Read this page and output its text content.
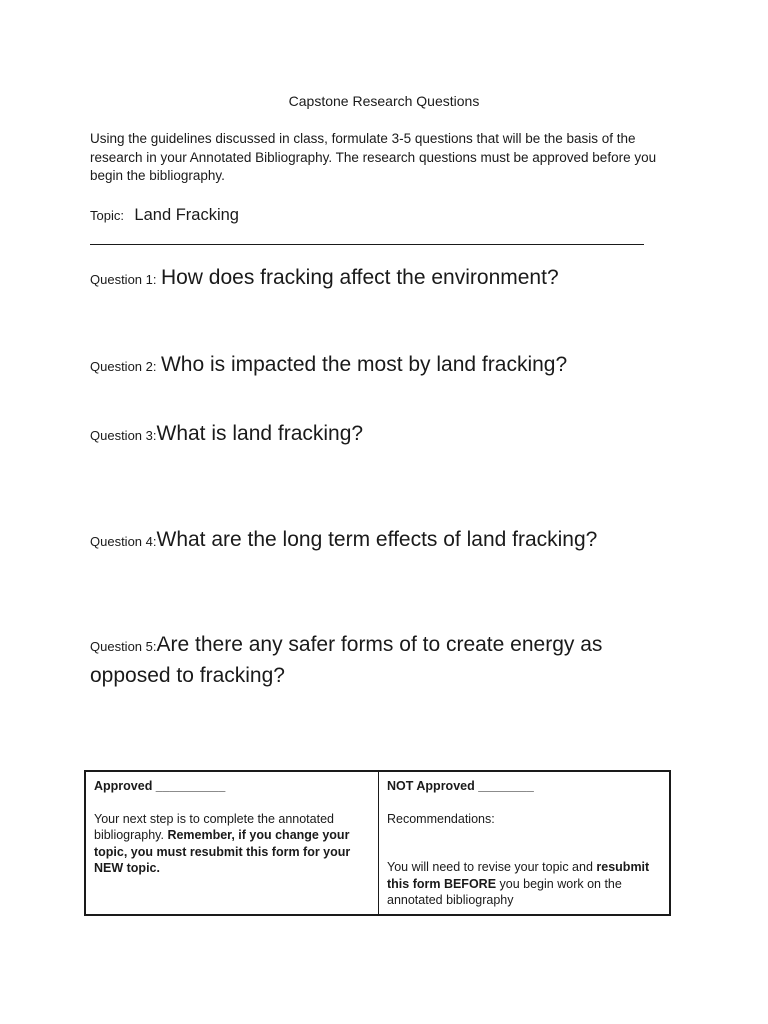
Capstone Research Questions
Using the guidelines discussed in class, formulate 3-5 questions that will be the basis of the
research in your Annotated Bibliography. The research questions must be approved before you
begin the bibliography.
Topic: Land Fracking
Question 1: How does fracking affect the environment?
Question 2: Who is impacted the most by land fracking?
Question 3:What is land fracking?
Question 4:What are the long term effects of land fracking?
Question 5:Are there any safer forms of to create energy as
opposed to fracking?
Approved __________
Your next step is to complete the annotated bibliography. Remember, if you change your topic, you must resubmit this form for your NEW topic.
NOT Approved ________
Recommendations:
You will need to revise your topic and resubmit this form BEFORE you begin work on the annotated bibliography
